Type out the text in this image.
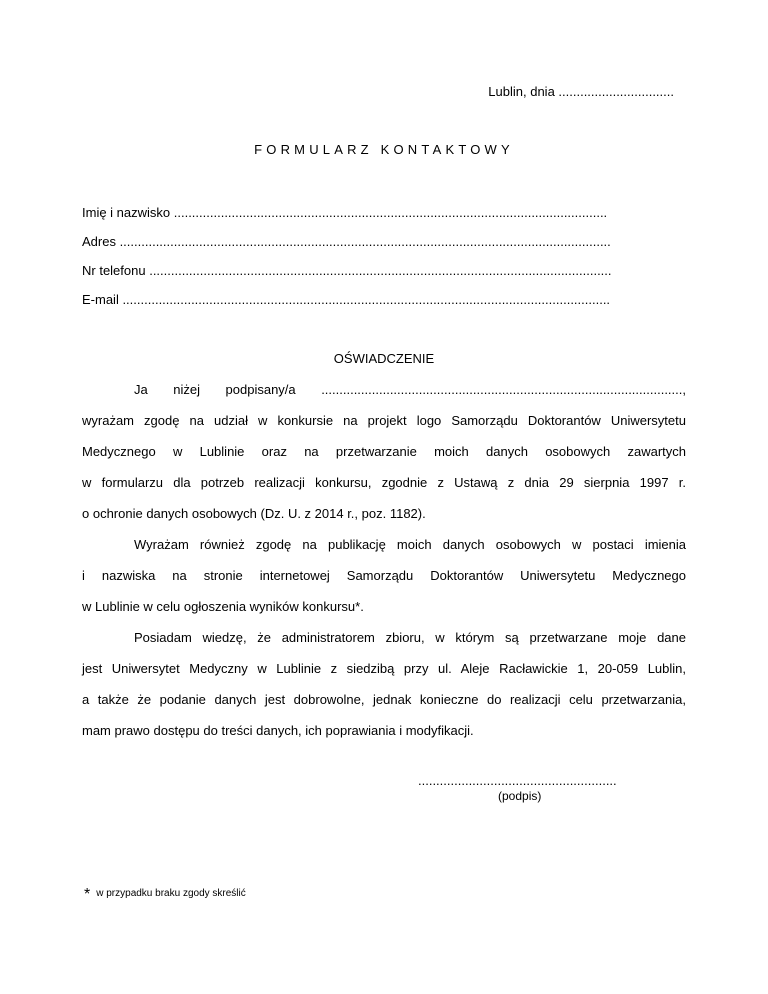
Lublin, dnia ................................
FORMULARZ KONTAKTOWY
Imię i nazwisko ........................................................................................................................
Adres ........................................................................................................................................
Nr telefonu ................................................................................................................................
E-mail .......................................................................................................................................
OŚWIADCZENIE
Ja niżej podpisany/a ....................................................................................................,
wyrażam zgodę na udział w konkursie na projekt logo Samorządu Doktorantów Uniwersytetu
Medycznego w Lublinie oraz na przetwarzanie moich danych osobowych zawartych
w formularzu dla potrzeb realizacji konkursu, zgodnie z Ustawą z dnia 29 sierpnia 1997 r.
o ochronie danych osobowych (Dz. U. z 2014 r., poz. 1182).
Wyrażam również zgodę na publikację moich danych osobowych w postaci imienia
i nazwiska na stronie internetowej Samorządu Doktorantów Uniwersytetu Medycznego
w Lublinie w celu ogłoszenia wyników konkursu*.
Posiadam wiedzę, że administratorem zbioru, w którym są przetwarzane moje dane
jest Uniwersytet Medyczny w Lublinie z siedzibą przy ul. Aleje Racławickie 1, 20-059 Lublin,
a także że podanie danych jest dobrowolne, jednak konieczne do realizacji celu przetwarzania,
mam prawo dostępu do treści danych, ich poprawiania i modyfikacji.
.......................................................
(podpis)
* w przypadku braku zgody skreślić
